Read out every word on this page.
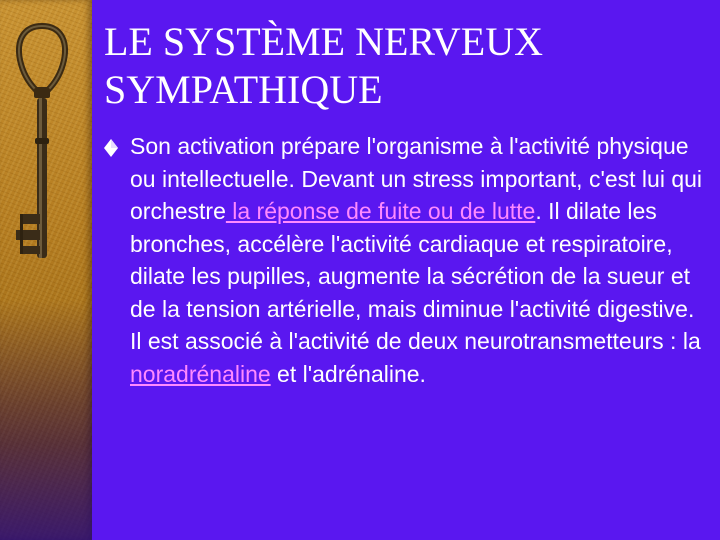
LE SYSTÈME NERVEUX
SYMPATHIQUE

Son activation prépare l'organisme à l'activité physique ou intellectuelle. Devant un stress important, c'est lui qui orchestre la réponse de fuite ou de lutte. Il dilate les bronches, accélère l'activité cardiaque et respiratoire, dilate les pupilles, augmente la sécrétion de la sueur et de la tension artérielle, mais diminue l'activité digestive. Il est associé à l'activité de deux neurotransmetteurs : la noradrénaline et l'adrénaline.
